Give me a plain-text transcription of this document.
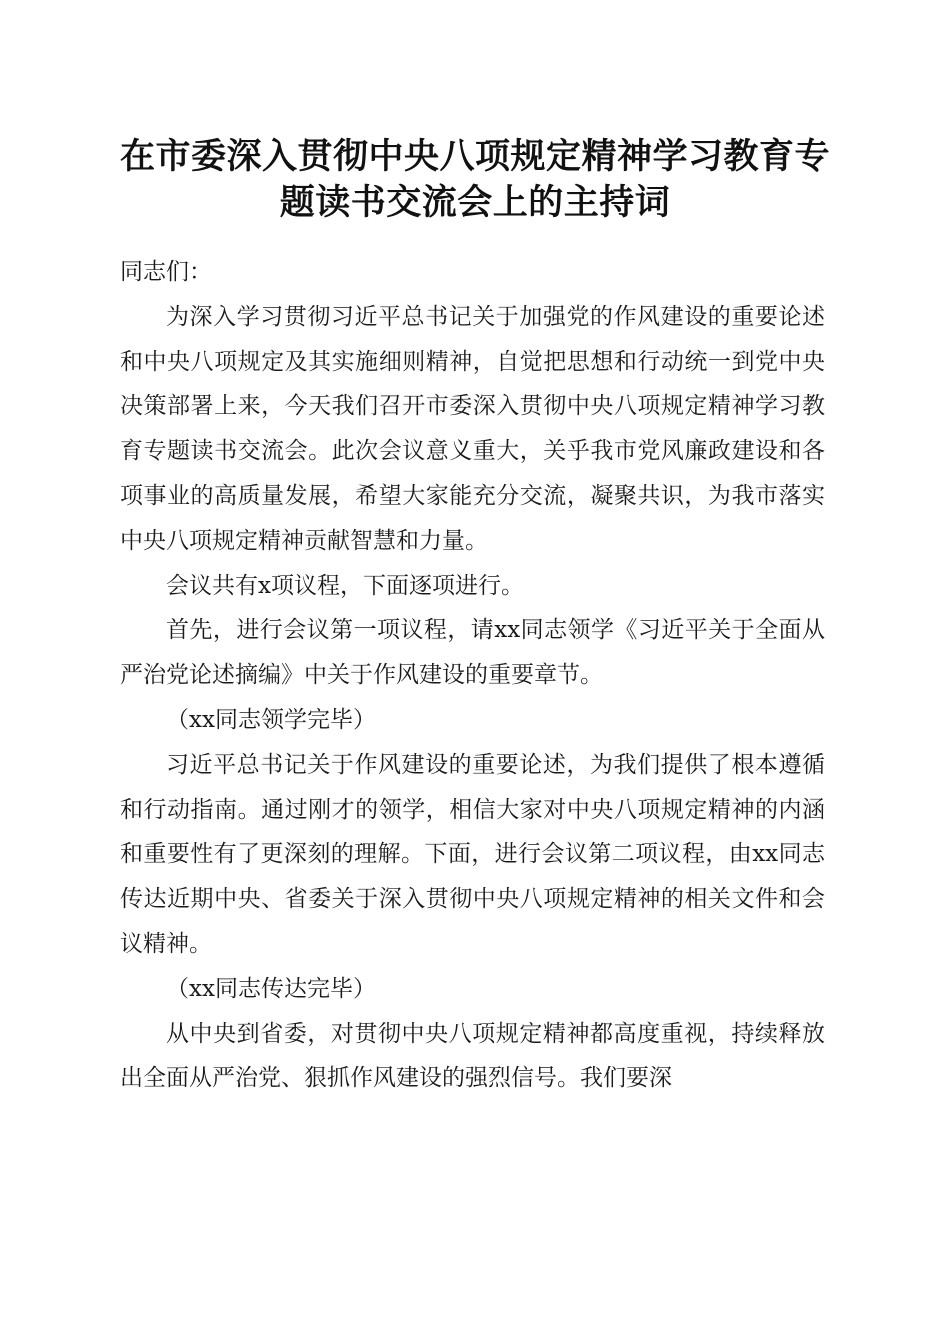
在市委深入贯彻中央八项规定精神学习教育专题读书交流会上的主持词

同志们：

为深入学习贯彻习近平总书记关于加强党的作风建设的重要论述和中央八项规定及其实施细则精神，自觉把思想和行动统一到党中央决策部署上来，今天我们召开市委深入贯彻中央八项规定精神学习教育专题读书交流会。此次会议意义重大，关乎我市党风廉政建设和各项事业的高质量发展，希望大家能充分交流，凝聚共识，为我市落实中央八项规定精神贡献智慧和力量。

会议共有x项议程，下面逐项进行。

首先，进行会议第一项议程，请xx同志领学《习近平关于全面从严治党论述摘编》中关于作风建设的重要章节。

（xx同志领学完毕）

习近平总书记关于作风建设的重要论述，为我们提供了根本遵循和行动指南。通过刚才的领学，相信大家对中央八项规定精神的内涵和重要性有了更深刻的理解。下面，进行会议第二项议程，由xx同志传达近期中央、省委关于深入贯彻中央八项规定精神的相关文件和会议精神。

（xx同志传达完毕）

从中央到省委，对贯彻中央八项规定精神都高度重视，持续释放出全面从严治党、狠抓作风建设的强烈信号。我们要深
